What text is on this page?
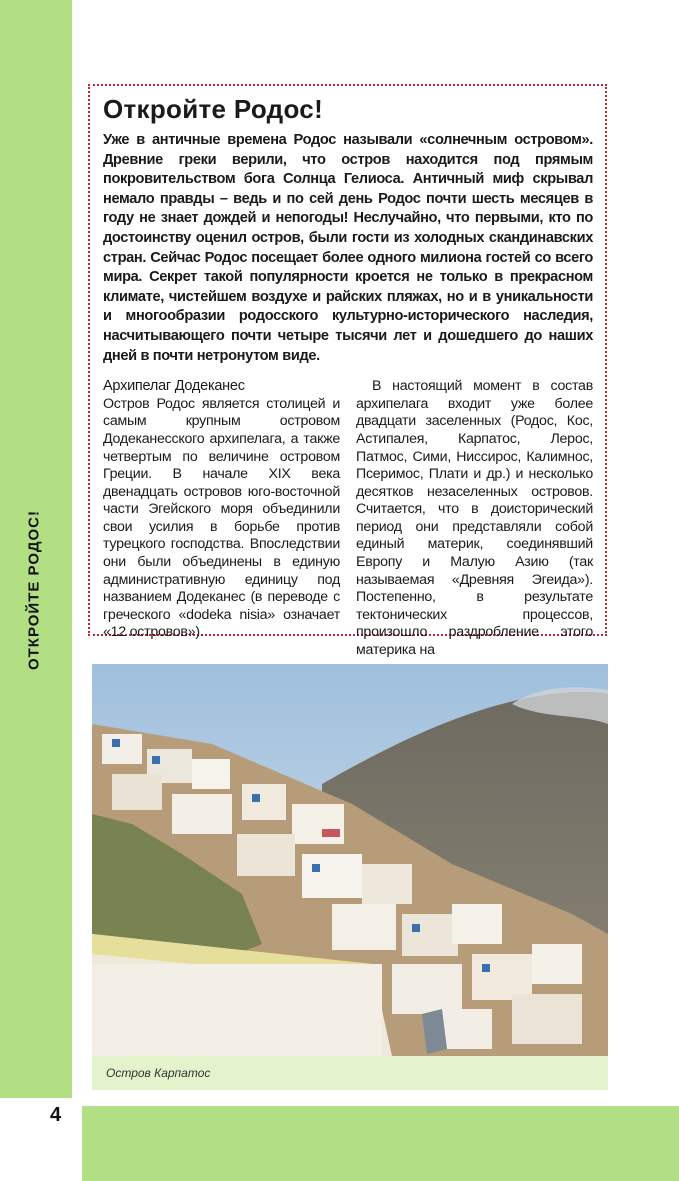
ОТКРОЙТЕ РОДОС!
4
Откройте Родос!

Уже в античные времена Родос называли «солнечным островом». Древние греки верили, что остров находится под прямым покровительством бога Солнца Гелиоса. Античный миф скрывал немало правды – ведь и по сей день Родос почти шесть месяцев в году не знает дождей и непогоды! Неслучайно, что первыми, кто по достоинству оценил остров, были гости из холодных скандинавских стран. Сейчас Родос посещает более одного милиона гостей со всего мира. Секрет такой популярности кроется не только в прекрасном климате, чистейшем воздухе и райских пляжах, но и в уникальности и многообразии родосского культурно-исторического наследия, насчитывающего почти четыре тысячи лет и дошедшего до наших дней в почти нетронутом виде.

Архипелаг Додеканес

Остров Родос является столицей и самым крупным островом Додеканесского архипелага, а также четвертым по величине островом Греции. В начале XIX века двенадцать островов юго-восточной части Эгейского моря объединили свои усилия в борьбе против турецкого господства. Впоследствии они были объединены в единую административную единицу под названием Додеканес (в переводе с греческого «dodeka nisia» означает «12 островов»).

В настоящий момент в состав архипелага входит уже более двадцати заселенных (Родос, Кос, Астипалея, Карпатос, Лерос, Патмос, Сими, Ниссирос, Калимнос, Псеримос, Плати и др.) и несколько десятков незаселенных островов. Считается, что в доисторический период они представляли собой единый материк, соединявший Европу и Малую Азию (так называемая «Древняя Эгеида»). Постепенно, в результате тектонических процессов, произошло раздробление этого материка на

Остров Карпатос
